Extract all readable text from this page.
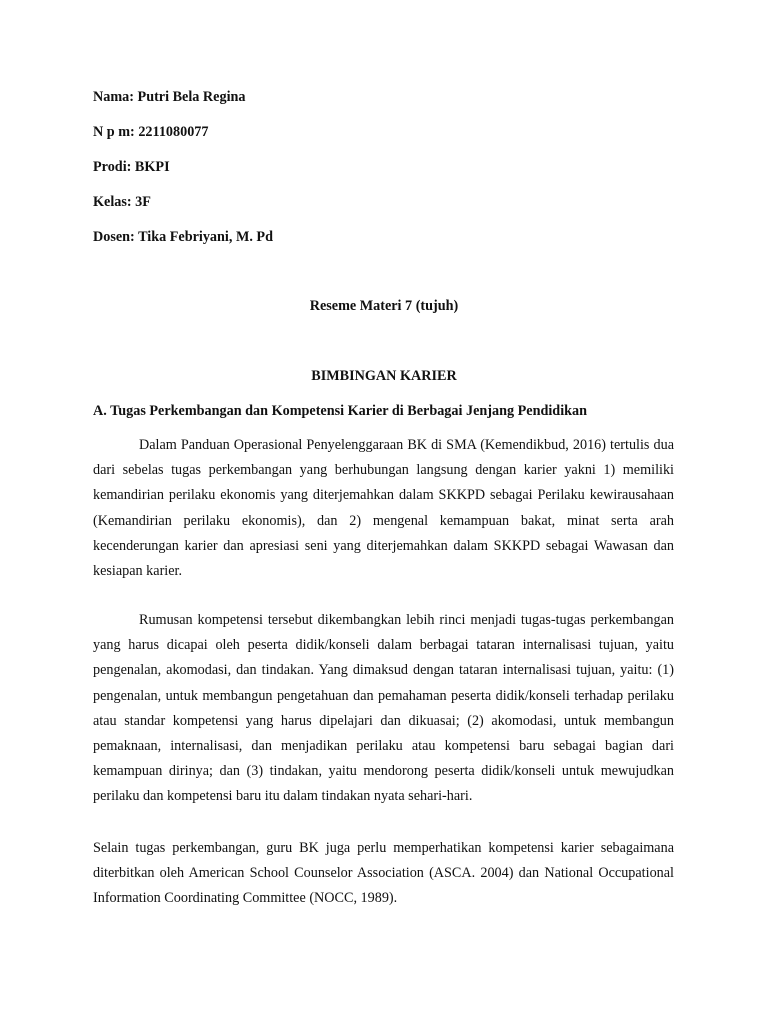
Nama: Putri Bela Regina
N p m: 2211080077
Prodi: BKPI
Kelas: 3F
Dosen: Tika Febriyani, M. Pd
Reseme Materi 7 (tujuh)
BIMBINGAN KARIER
A. Tugas Perkembangan dan Kompetensi Karier di Berbagai Jenjang Pendidikan

Dalam Panduan Operasional Penyelenggaraan BK di SMA (Kemendikbud, 2016) tertulis dua dari sebelas tugas perkembangan yang berhubungan langsung dengan karier yakni 1) memiliki kemandirian perilaku ekonomis yang diterjemahkan dalam SKKPD sebagai Perilaku kewirausahaan (Kemandirian perilaku ekonomis), dan 2) mengenal kemampuan bakat, minat serta arah kecenderungan karier dan apresiasi seni yang diterjemahkan dalam SKKPD sebagai Wawasan dan kesiapan karier.

Rumusan kompetensi tersebut dikembangkan lebih rinci menjadi tugas-tugas perkembangan yang harus dicapai oleh peserta didik/konseli dalam berbagai tataran internalisasi tujuan, yaitu pengenalan, akomodasi, dan tindakan. Yang dimaksud dengan tataran internalisasi tujuan, yaitu: (1) pengenalan, untuk membangun pengetahuan dan pemahaman peserta didik/konseli terhadap perilaku atau standar kompetensi yang harus dipelajari dan dikuasai; (2) akomodasi, untuk membangun pemaknaan, internalisasi, dan menjadikan perilaku atau kompetensi baru sebagai bagian dari kemampuan dirinya; dan (3) tindakan, yaitu mendorong peserta didik/konseli untuk mewujudkan perilaku dan kompetensi baru itu dalam tindakan nyata sehari-hari.

Selain tugas perkembangan, guru BK juga perlu memperhatikan kompetensi karier sebagaimana diterbitkan oleh American School Counselor Association (ASCA. 2004) dan National Occupational Information Coordinating Committee (NOCC, 1989).
